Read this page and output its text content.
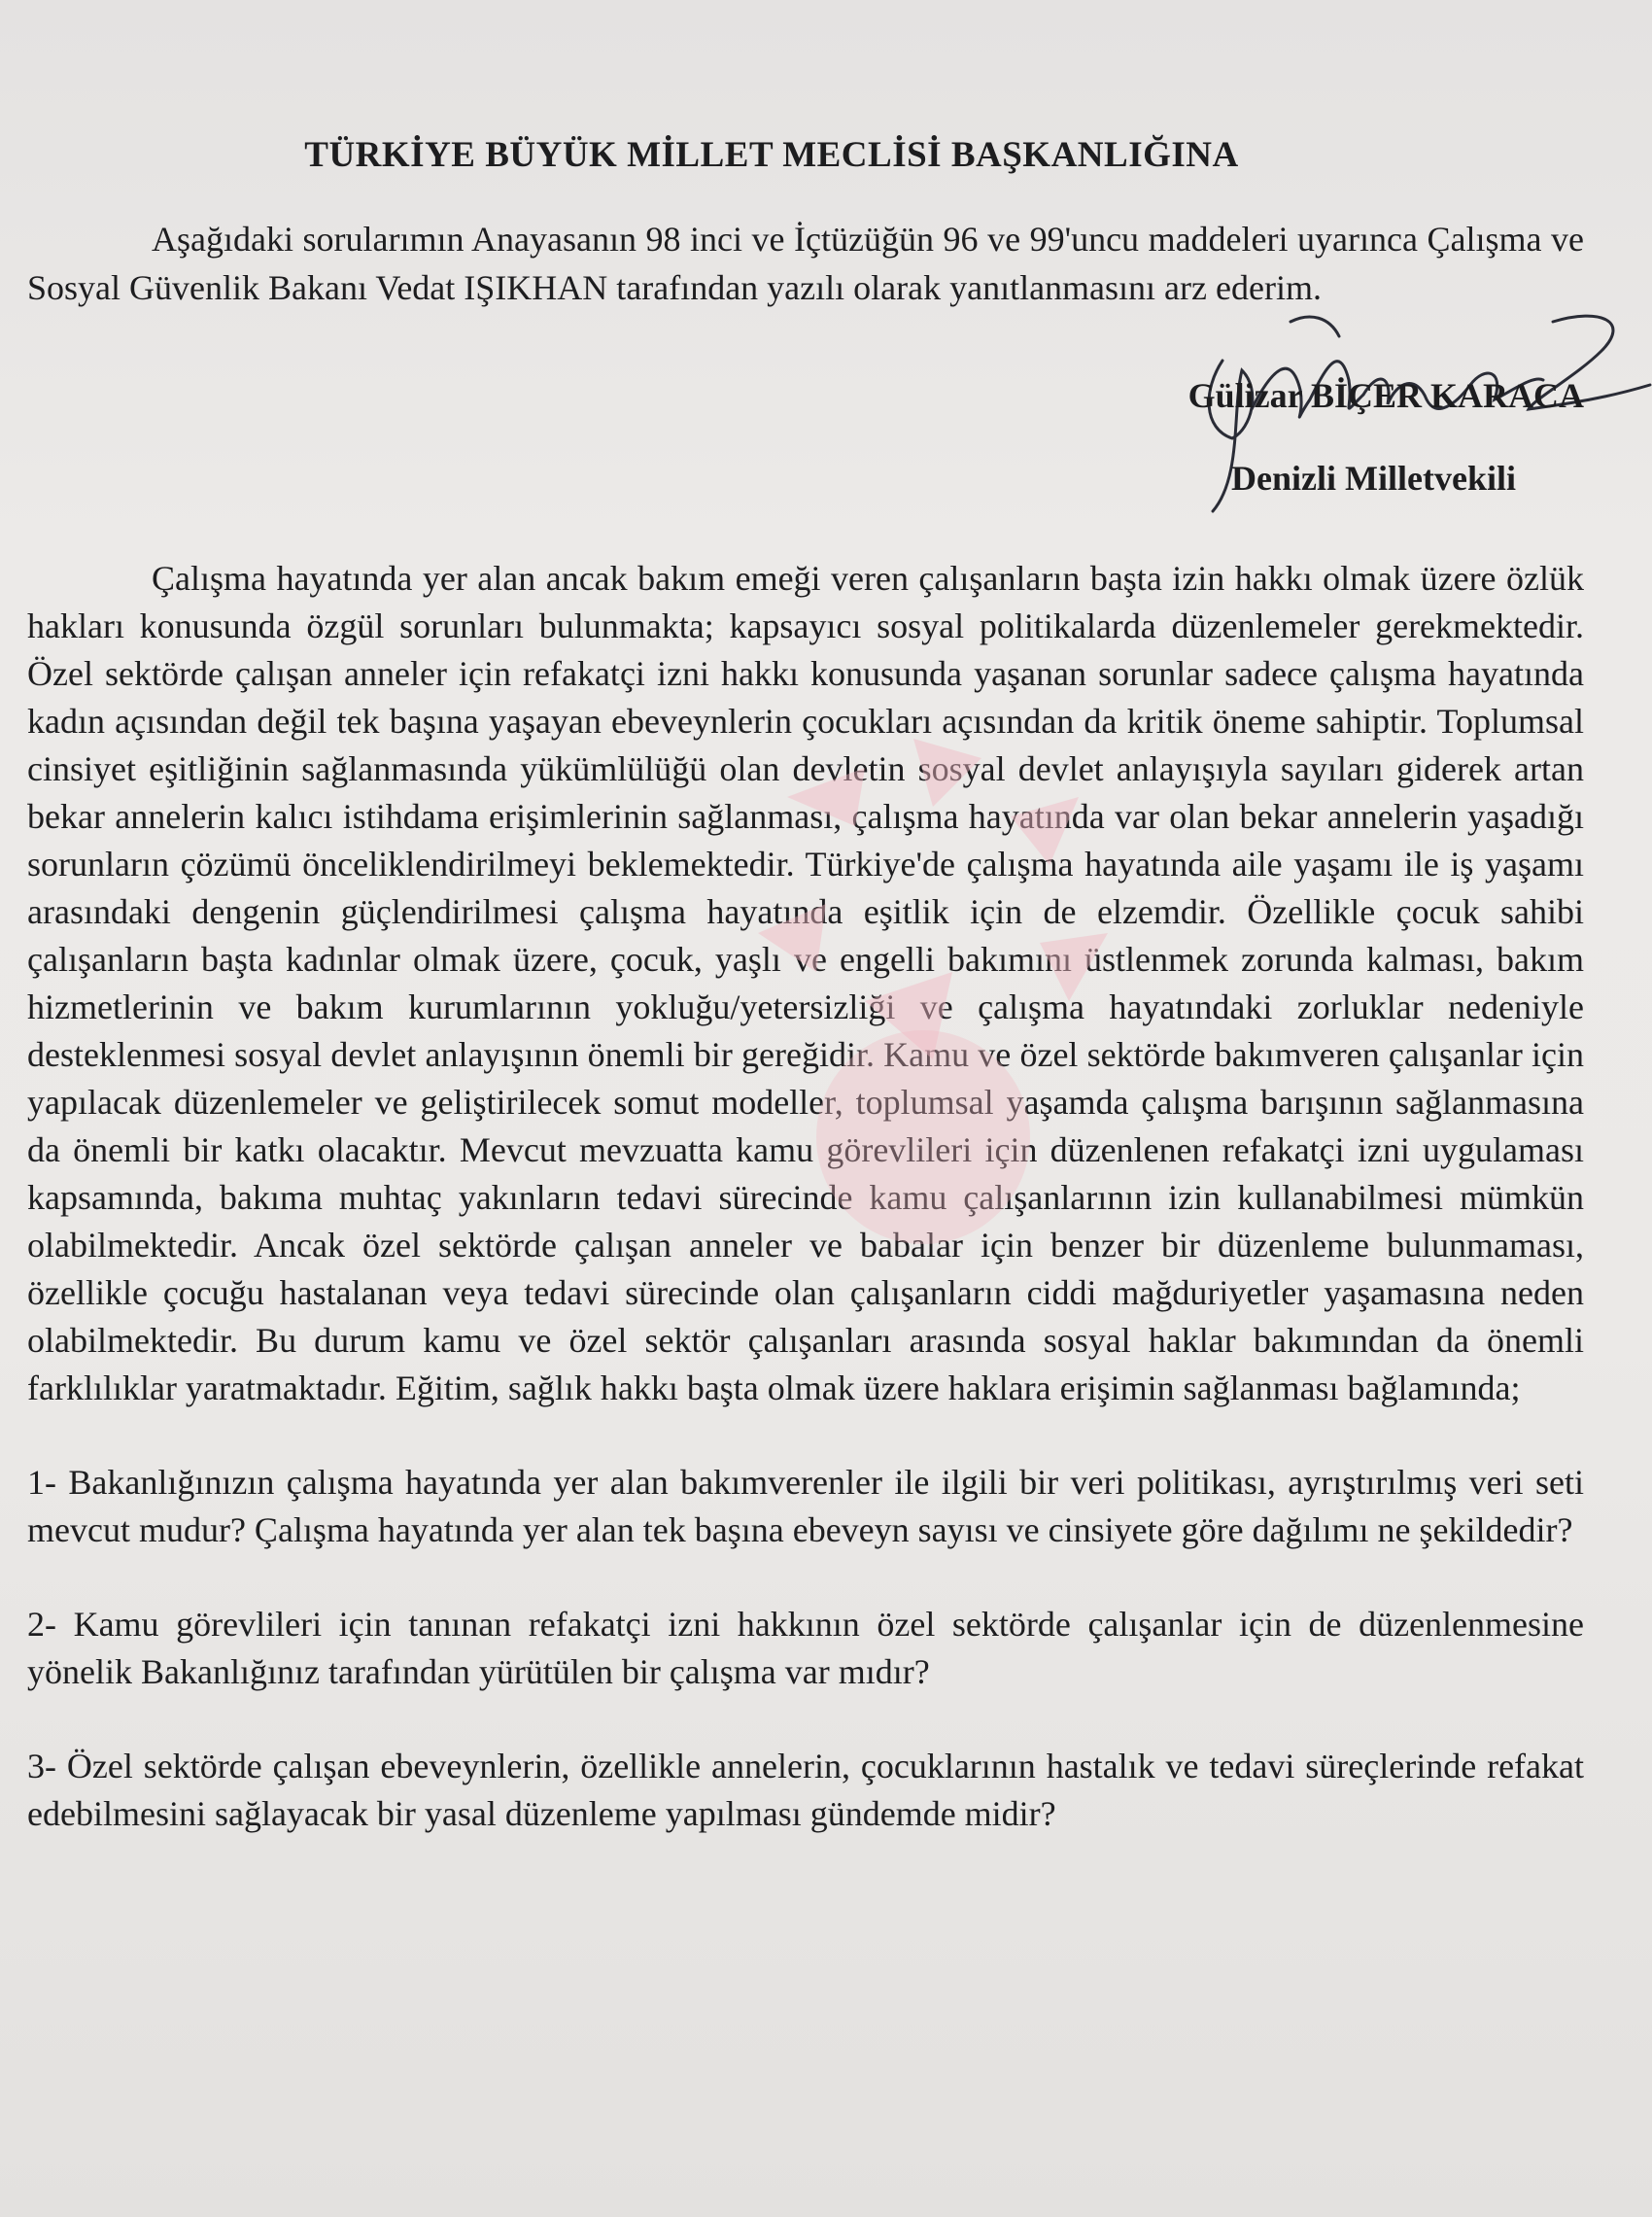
TÜRKİYE BÜYÜK MİLLET MECLİSİ BAŞKANLIĞINA

Aşağıdaki sorularımın Anayasanın 98 inci ve İçtüzüğün 96 ve 99'uncu maddeleri uyarınca Çalışma ve Sosyal Güvenlik Bakanı Vedat IŞIKHAN tarafından yazılı olarak yanıtlanmasını arz ederim.

Gülizar BİÇER KARACA
Denizli Milletvekili

Çalışma hayatında yer alan ancak bakım emeği veren çalışanların başta izin hakkı olmak üzere özlük hakları konusunda özgül sorunları bulunmakta; kapsayıcı sosyal politikalarda düzenlemeler gerekmektedir. Özel sektörde çalışan anneler için refakatçi izni hakkı konusunda yaşanan sorunlar sadece çalışma hayatında kadın açısından değil tek başına yaşayan ebeveynlerin çocukları açısından da kritik öneme sahiptir. Toplumsal cinsiyet eşitliğinin sağlanmasında yükümlülüğü olan devletin sosyal devlet anlayışıyla sayıları giderek artan bekar annelerin kalıcı istihdama erişimlerinin sağlanması, çalışma hayatında var olan bekar annelerin yaşadığı sorunların çözümü önceliklendirilmeyi beklemektedir. Türkiye'de çalışma hayatında aile yaşamı ile iş yaşamı arasındaki dengenin güçlendirilmesi çalışma hayatında eşitlik için de elzemdir. Özellikle çocuk sahibi çalışanların başta kadınlar olmak üzere, çocuk, yaşlı ve engelli bakımını üstlenmek zorunda kalması, bakım hizmetlerinin ve bakım kurumlarının yokluğu/yetersizliği ve çalışma hayatındaki zorluklar nedeniyle desteklenmesi sosyal devlet anlayışının önemli bir gereğidir. Kamu ve özel sektörde bakımveren çalışanlar için yapılacak düzenlemeler ve geliştirilecek somut modeller, toplumsal yaşamda çalışma barışının sağlanmasına da önemli bir katkı olacaktır. Mevcut mevzuatta kamu görevlileri için düzenlenen refakatçi izni uygulaması kapsamında, bakıma muhtaç yakınların tedavi sürecinde kamu çalışanlarının izin kullanabilmesi mümkün olabilmektedir. Ancak özel sektörde çalışan anneler ve babalar için benzer bir düzenleme bulunmaması, özellikle çocuğu hastalanan veya tedavi sürecinde olan çalışanların ciddi mağduriyetler yaşamasına neden olabilmektedir. Bu durum kamu ve özel sektör çalışanları arasında sosyal haklar bakımından da önemli farklılıklar yaratmaktadır. Eğitim, sağlık hakkı başta olmak üzere haklara erişimin sağlanması bağlamında;

1- Bakanlığınızın çalışma hayatında yer alan bakımverenler ile ilgili bir veri politikası, ayrıştırılmış veri seti mevcut mudur? Çalışma hayatında yer alan tek başına ebeveyn sayısı ve cinsiyete göre dağılımı ne şekildedir?

2- Kamu görevlileri için tanınan refakatçi izni hakkının özel sektörde çalışanlar için de düzenlenmesine yönelik Bakanlığınız tarafından yürütülen bir çalışma var mıdır?

3- Özel sektörde çalışan ebeveynlerin, özellikle annelerin, çocuklarının hastalık ve tedavi süreçlerinde refakat edebilmesini sağlayacak bir yasal düzenleme yapılması gündemde midir?
